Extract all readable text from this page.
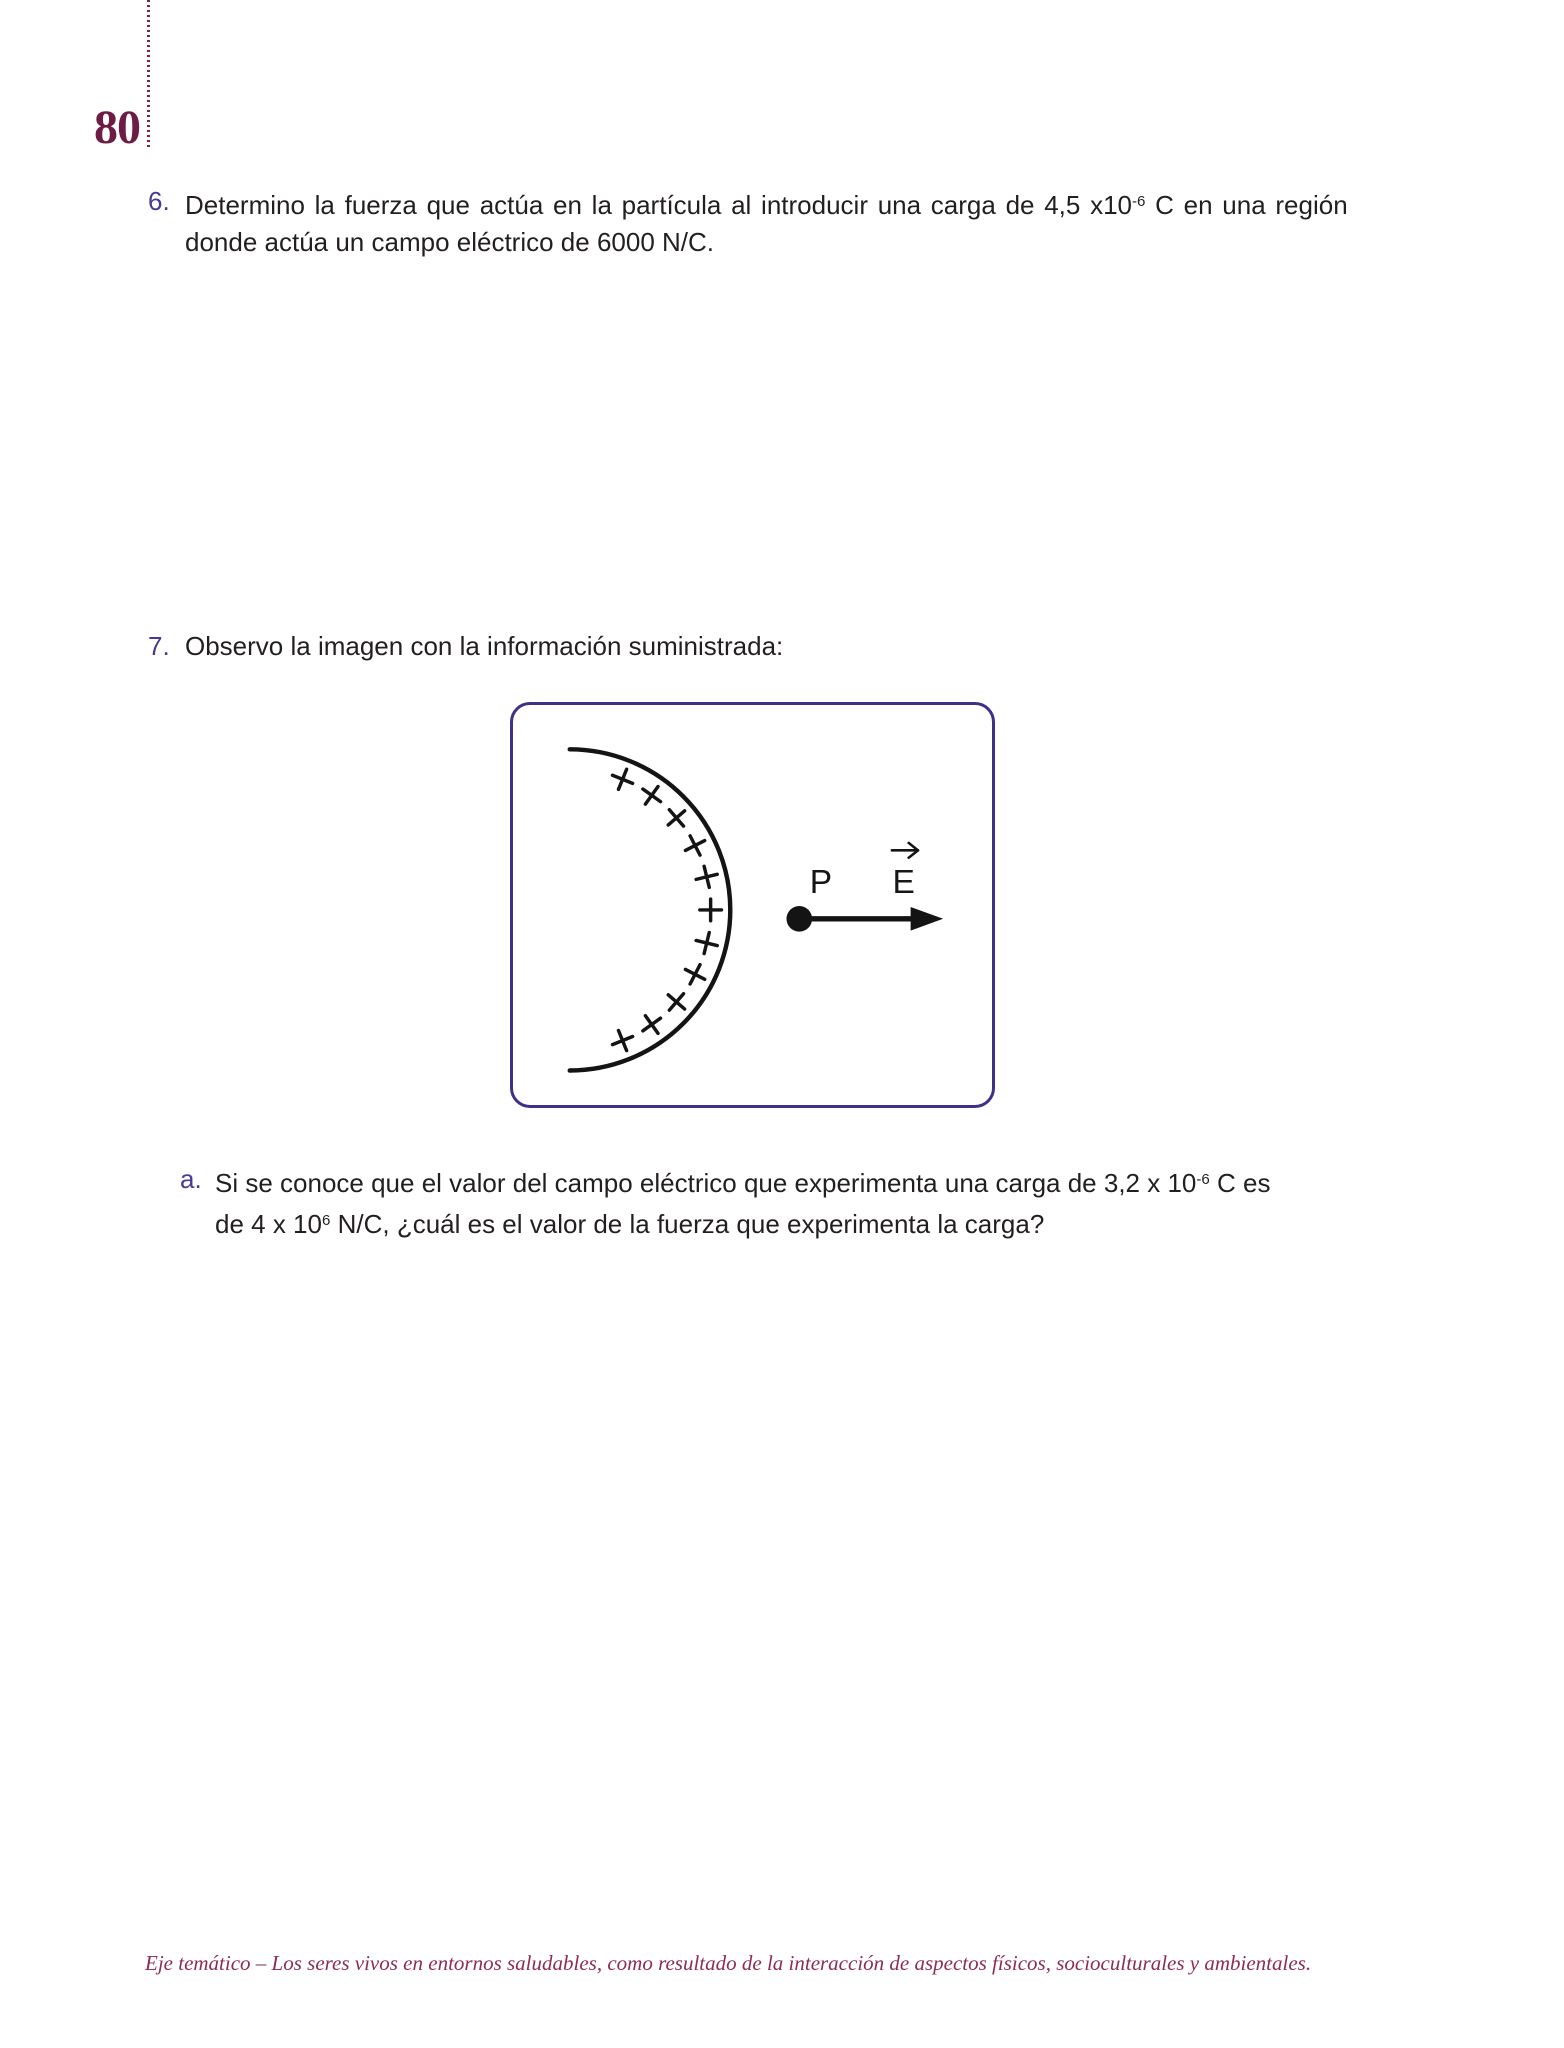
80
6. Determino la fuerza que actúa en la partícula al introducir una carga de 4,5 $x10^{-6}$ C en una región
donde actúa un campo eléctrico de 6000 N/C.
7. Observo la imagen con la información suministrada:
P E
a. Si se conoce que el valor del campo eléctrico que experimenta una carga de 3,2 x $10^{-6}$ C es
de 4 x $10^6$ N/C, ¿cuál es el valor de la fuerza que experimenta la carga?
Eje temático – Los seres vivos en entornos saludables, como resultado de la interacción de aspectos físicos, socioculturales y ambientales.
